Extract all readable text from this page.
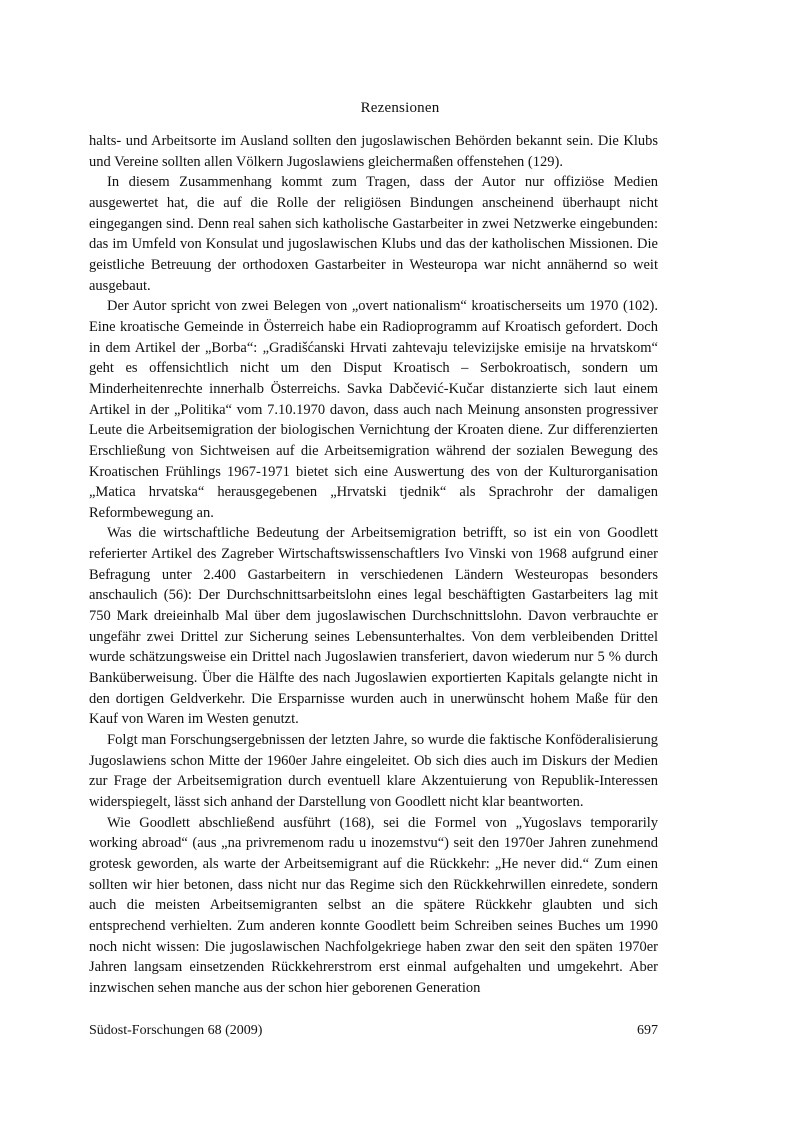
Rezensionen

halts- und Arbeitsorte im Ausland sollten den jugoslawischen Behörden bekannt sein. Die Klubs und Vereine sollten allen Völkern Jugoslawiens gleichermaßen offenstehen (129).

In diesem Zusammenhang kommt zum Tragen, dass der Autor nur offiziöse Medien ausgewertet hat, die auf die Rolle der religiösen Bindungen anscheinend überhaupt nicht eingegangen sind. Denn real sahen sich katholische Gastarbeiter in zwei Netzwerke eingebunden: das im Umfeld von Konsulat und jugoslawischen Klubs und das der katholischen Missionen. Die geistliche Betreuung der orthodoxen Gastarbeiter in Westeuropa war nicht annähernd so weit ausgebaut.

Der Autor spricht von zwei Belegen von „overt nationalism“ kroatischerseits um 1970 (102). Eine kroatische Gemeinde in Österreich habe ein Radioprogramm auf Kroatisch gefordert. Doch in dem Artikel der „Borba“: „Gradišćanski Hrvati zahtevaju televizijske emisije na hrvatskom“ geht es offensichtlich nicht um den Disput Kroatisch – Serbokroatisch, sondern um Minderheitenrechte innerhalb Österreichs. Savka Dabčević-Kučar distanzierte sich laut einem Artikel in der „Politika“ vom 7.10.1970 davon, dass auch nach Meinung ansonsten progressiver Leute die Arbeitsemigration der biologischen Vernichtung der Kroaten diene. Zur differenzierten Erschließung von Sichtweisen auf die Arbeitsemigration während der sozialen Bewegung des Kroatischen Frühlings 1967-1971 bietet sich eine Auswertung des von der Kulturorganisation „Matica hrvatska“ herausgegebenen „Hrvatski tjednik“ als Sprachrohr der damaligen Reformbewegung an.

Was die wirtschaftliche Bedeutung der Arbeitsemigration betrifft, so ist ein von Goodlett referierter Artikel des Zagreber Wirtschaftswissenschaftlers Ivo Vinski von 1968 aufgrund einer Befragung unter 2.400 Gastarbeitern in verschiedenen Ländern Westeuropas besonders anschaulich (56): Der Durchschnittsarbeitslohn eines legal beschäftigten Gastarbeiters lag mit 750 Mark dreieinhalb Mal über dem jugoslawischen Durchschnittslohn. Davon verbrauchte er ungefähr zwei Drittel zur Sicherung seines Lebensunterhaltes. Von dem verbleibenden Drittel wurde schätzungsweise ein Drittel nach Jugoslawien transferiert, davon wiederum nur 5 % durch Banküberweisung. Über die Hälfte des nach Jugoslawien exportierten Kapitals gelangte nicht in den dortigen Geldverkehr. Die Ersparnisse wurden auch in unerwünscht hohem Maße für den Kauf von Waren im Westen genutzt.

Folgt man Forschungsergebnissen der letzten Jahre, so wurde die faktische Konföderalisierung Jugoslawiens schon Mitte der 1960er Jahre eingeleitet. Ob sich dies auch im Diskurs der Medien zur Frage der Arbeitsemigration durch eventuell klare Akzentuierung von Republik-Interessen widerspiegelt, lässt sich anhand der Darstellung von Goodlett nicht klar beantworten.

Wie Goodlett abschließend ausführt (168), sei die Formel von „Yugoslavs temporarily working abroad“ (aus „na privremenom radu u inozemstvu“) seit den 1970er Jahren zunehmend grotesk geworden, als warte der Arbeitsemigrant auf die Rückkehr: „He never did.“ Zum einen sollten wir hier betonen, dass nicht nur das Regime sich den Rückkehrwillen einredete, sondern auch die meisten Arbeitsemigranten selbst an die spätere Rückkehr glaubten und sich entsprechend verhielten. Zum anderen konnte Goodlett beim Schreiben seines Buches um 1990 noch nicht wissen: Die jugoslawischen Nachfolgekriege haben zwar den seit den späten 1970er Jahren langsam einsetzenden Rückkehrerstrom erst einmal aufgehalten und umgekehrt. Aber inzwischen sehen manche aus der schon hier geborenen Generation

Südost-Forschungen 68 (2009)	697
